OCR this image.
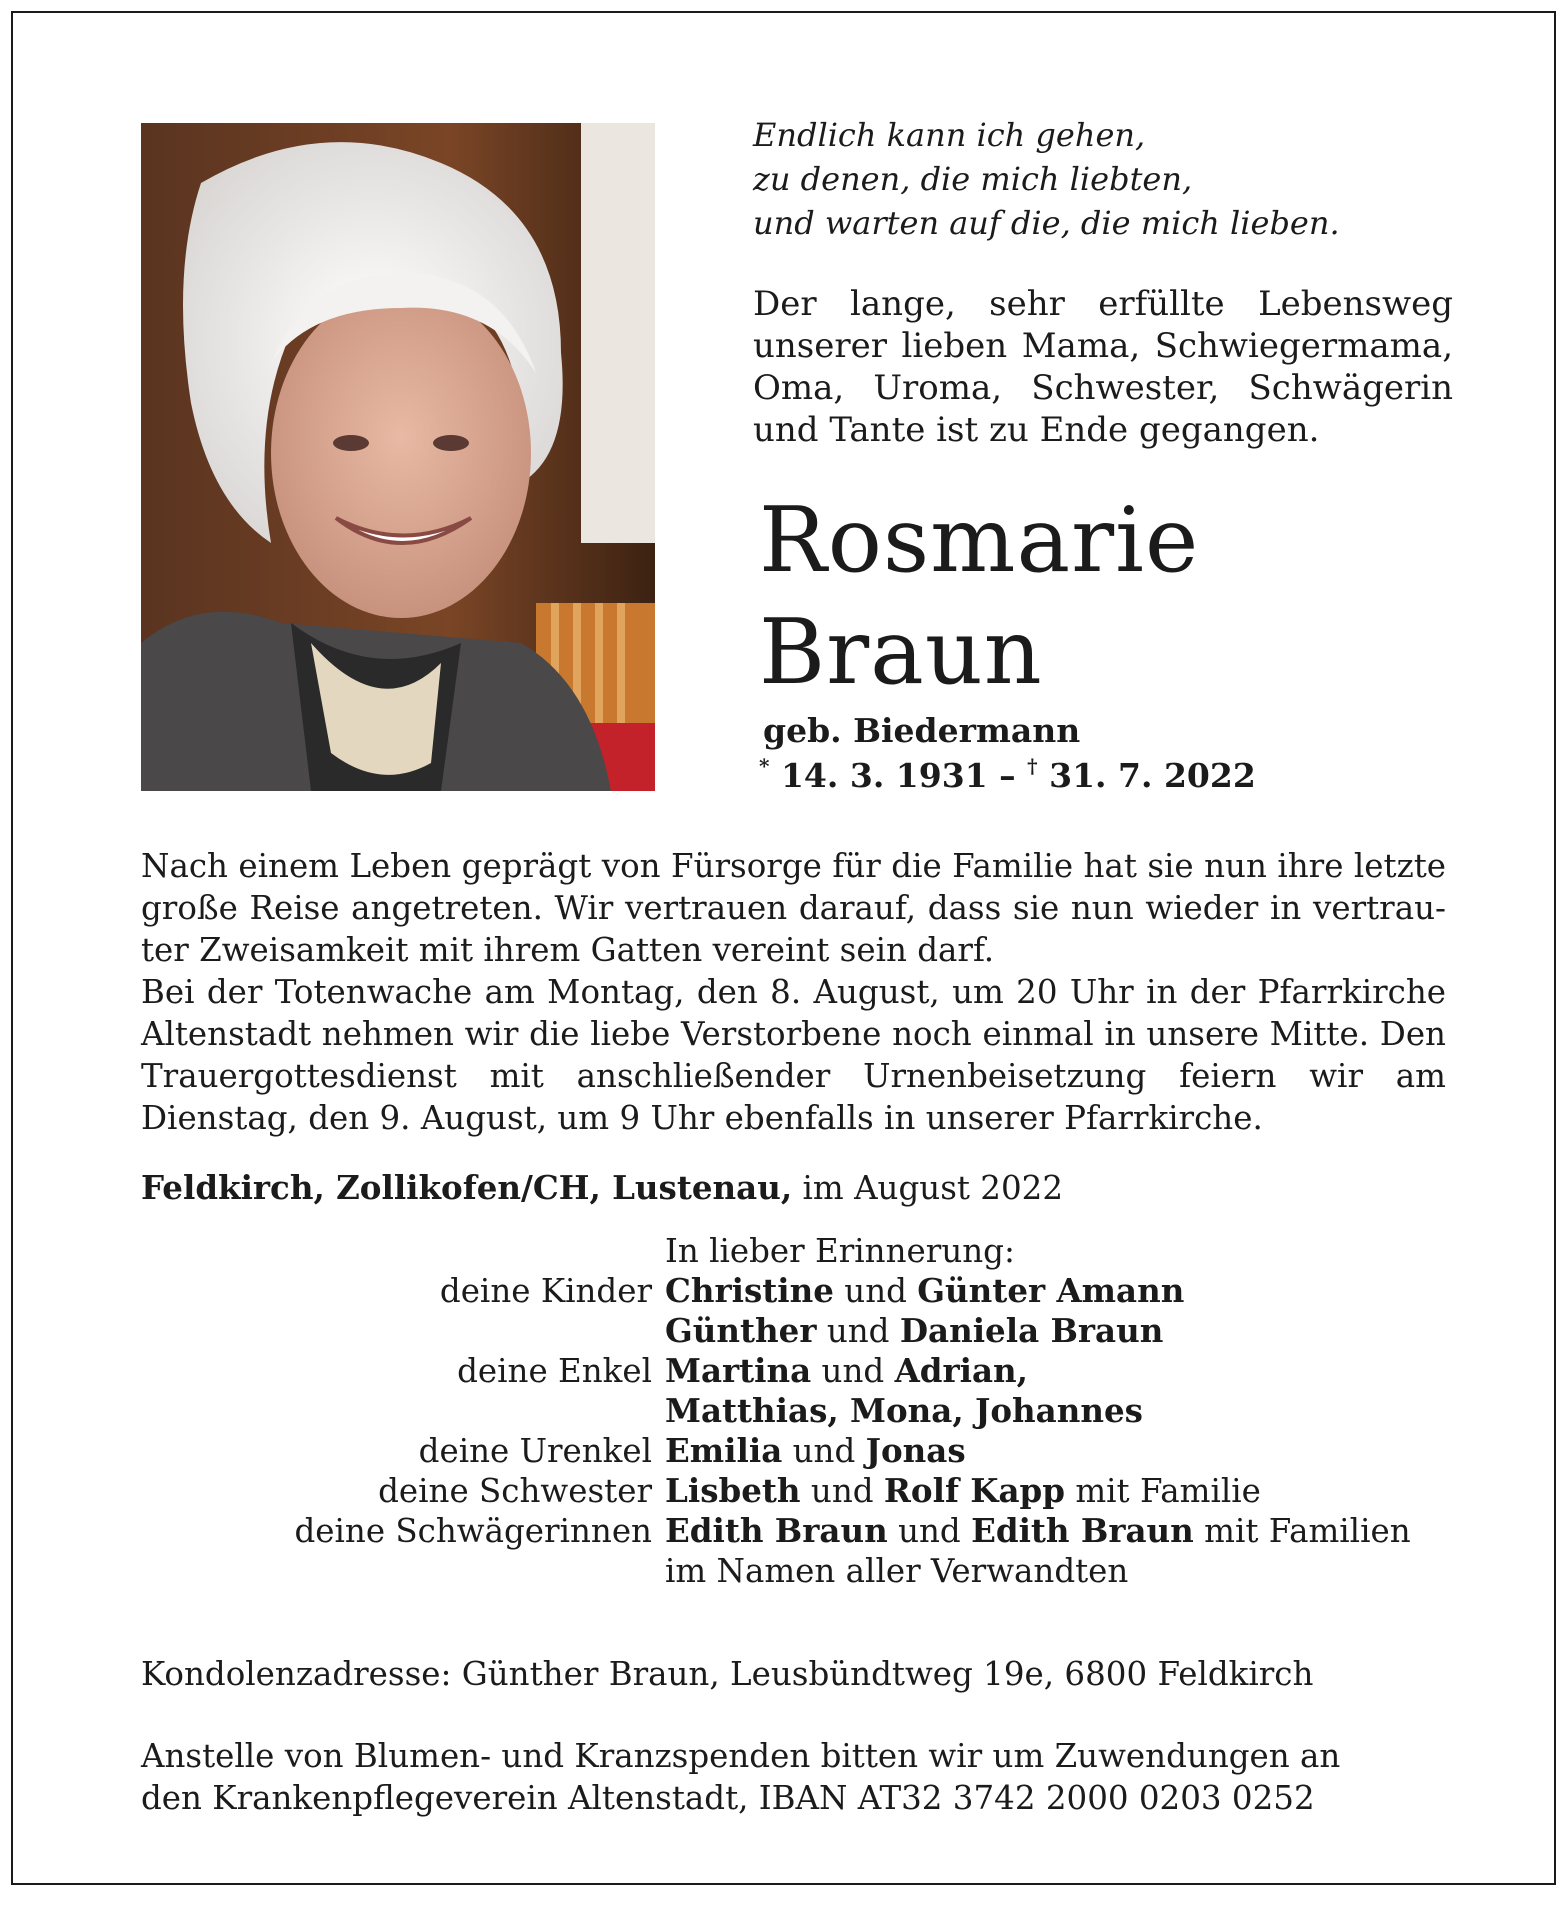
Endlich kann ich gehen,
zu denen, die mich liebten,
und warten auf die, die mich lieben.
Der lange, sehr erfüllte Lebensweg unserer lieben Mama, Schwiegermama, Oma, Uroma, Schwester, Schwägerin und Tante ist zu Ende gegangen.
Rosmarie
Braun
geb. Biedermann
* 14. 3. 1931 – † 31. 7. 2022

Nach einem Leben geprägt von Fürsorge für die Familie hat sie nun ihre letzte große Reise angetreten. Wir vertrauen darauf, dass sie nun wieder in vertrau-ter Zweisamkeit mit ihrem Gatten vereint sein darf.

Bei der Totenwache am Montag, den 8. August, um 20 Uhr in der Pfarrkirche Altenstadt nehmen wir die liebe Verstorbene noch einmal in unsere Mitte. Den Trauergottesdienst mit anschließender Urnenbeisetzung feiern wir am Dienstag, den 9. August, um 9 Uhr ebenfalls in unserer Pfarrkirche.

Feldkirch, Zollikofen/CH, Lustenau, im August 2022
In lieber Erinnerung:
deine Kinder Christine und Günter Amann
Günther und Daniela Braun
deine Enkel Martina und Adrian,
Matthias, Mona, Johannes
deine Urenkel Emilia und Jonas
deine Schwester Lisbeth und Rolf Kapp mit Familie
deine Schwägerinnen Edith Braun und Edith Braun mit Familien
im Namen aller Verwandten
Kondolenzadresse: Günther Braun, Leusbündtweg 19e, 6800 Feldkirch
Anstelle von Blumen- und Kranzspenden bitten wir um Zuwendungen an
den Krankenpflegeverein Altenstadt, IBAN AT32 3742 2000 0203 0252
